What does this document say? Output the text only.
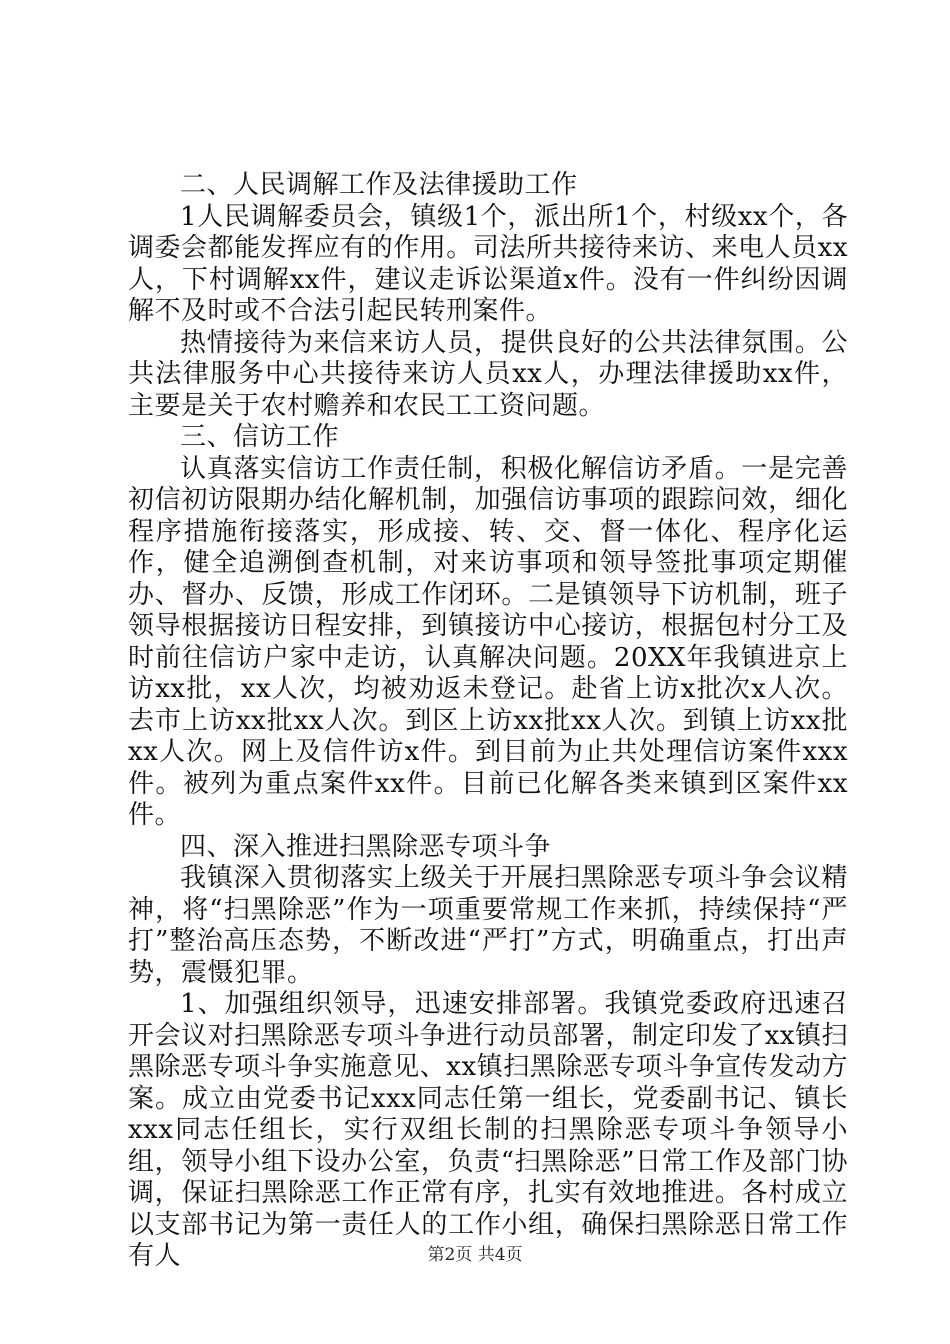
二、人民调解工作及法律援助工作

1人民调解委员会，镇级1个，派出所1个，村级xx个，各调委会都能发挥应有的作用。司法所共接待来访、来电人员xx人，下村调解xx件，建议走诉讼渠道x件。没有一件纠纷因调解不及时或不合法引起民转刑案件。

热情接待为来信来访人员，提供良好的公共法律氛围。公共法律服务中心共接待来访人员xx人，办理法律援助xx件，主要是关于农村赡养和农民工工资问题。

三、信访工作

认真落实信访工作责任制，积极化解信访矛盾。一是完善初信初访限期办结化解机制，加强信访事项的跟踪问效，细化程序措施衔接落实，形成接、转、交、督一体化、程序化运作，健全追溯倒查机制，对来访事项和领导签批事项定期催办、督办、反馈，形成工作闭环。二是镇领导下访机制，班子领导根据接访日程安排，到镇接访中心接访，根据包村分工及时前往信访户家中走访，认真解决问题。20XX年我镇进京上访xx批，xx人次，均被劝返未登记。赴省上访x批次x人次。去市上访xx批xx人次。到区上访xx批xx人次。到镇上访xx批xx人次。网上及信件访x件。到目前为止共处理信访案件xxx件。被列为重点案件xx件。目前已化解各类来镇到区案件xx件。

四、深入推进扫黑除恶专项斗争

我镇深入贯彻落实上级关于开展扫黑除恶专项斗争会议精神，将“扫黑除恶”作为一项重要常规工作来抓，持续保持“严打”整治高压态势，不断改进“严打”方式，明确重点，打出声势，震慑犯罪。

1、加强组织领导，迅速安排部署。我镇党委政府迅速召开会议对扫黑除恶专项斗争进行动员部署，制定印发了xx镇扫黑除恶专项斗争实施意见、xx镇扫黑除恶专项斗争宣传发动方案。成立由党委书记xxx同志任第一组长，党委副书记、镇长xxx同志任组长，实行双组长制的扫黑除恶专项斗争领导小组，领导小组下设办公室，负责“扫黑除恶”日常工作及部门协调，保证扫黑除恶工作正常有序，扎实有效地推进。各村成立以支部书记为第一责任人的工作小组，确保扫黑除恶日常工作有人	第2页 共4页
